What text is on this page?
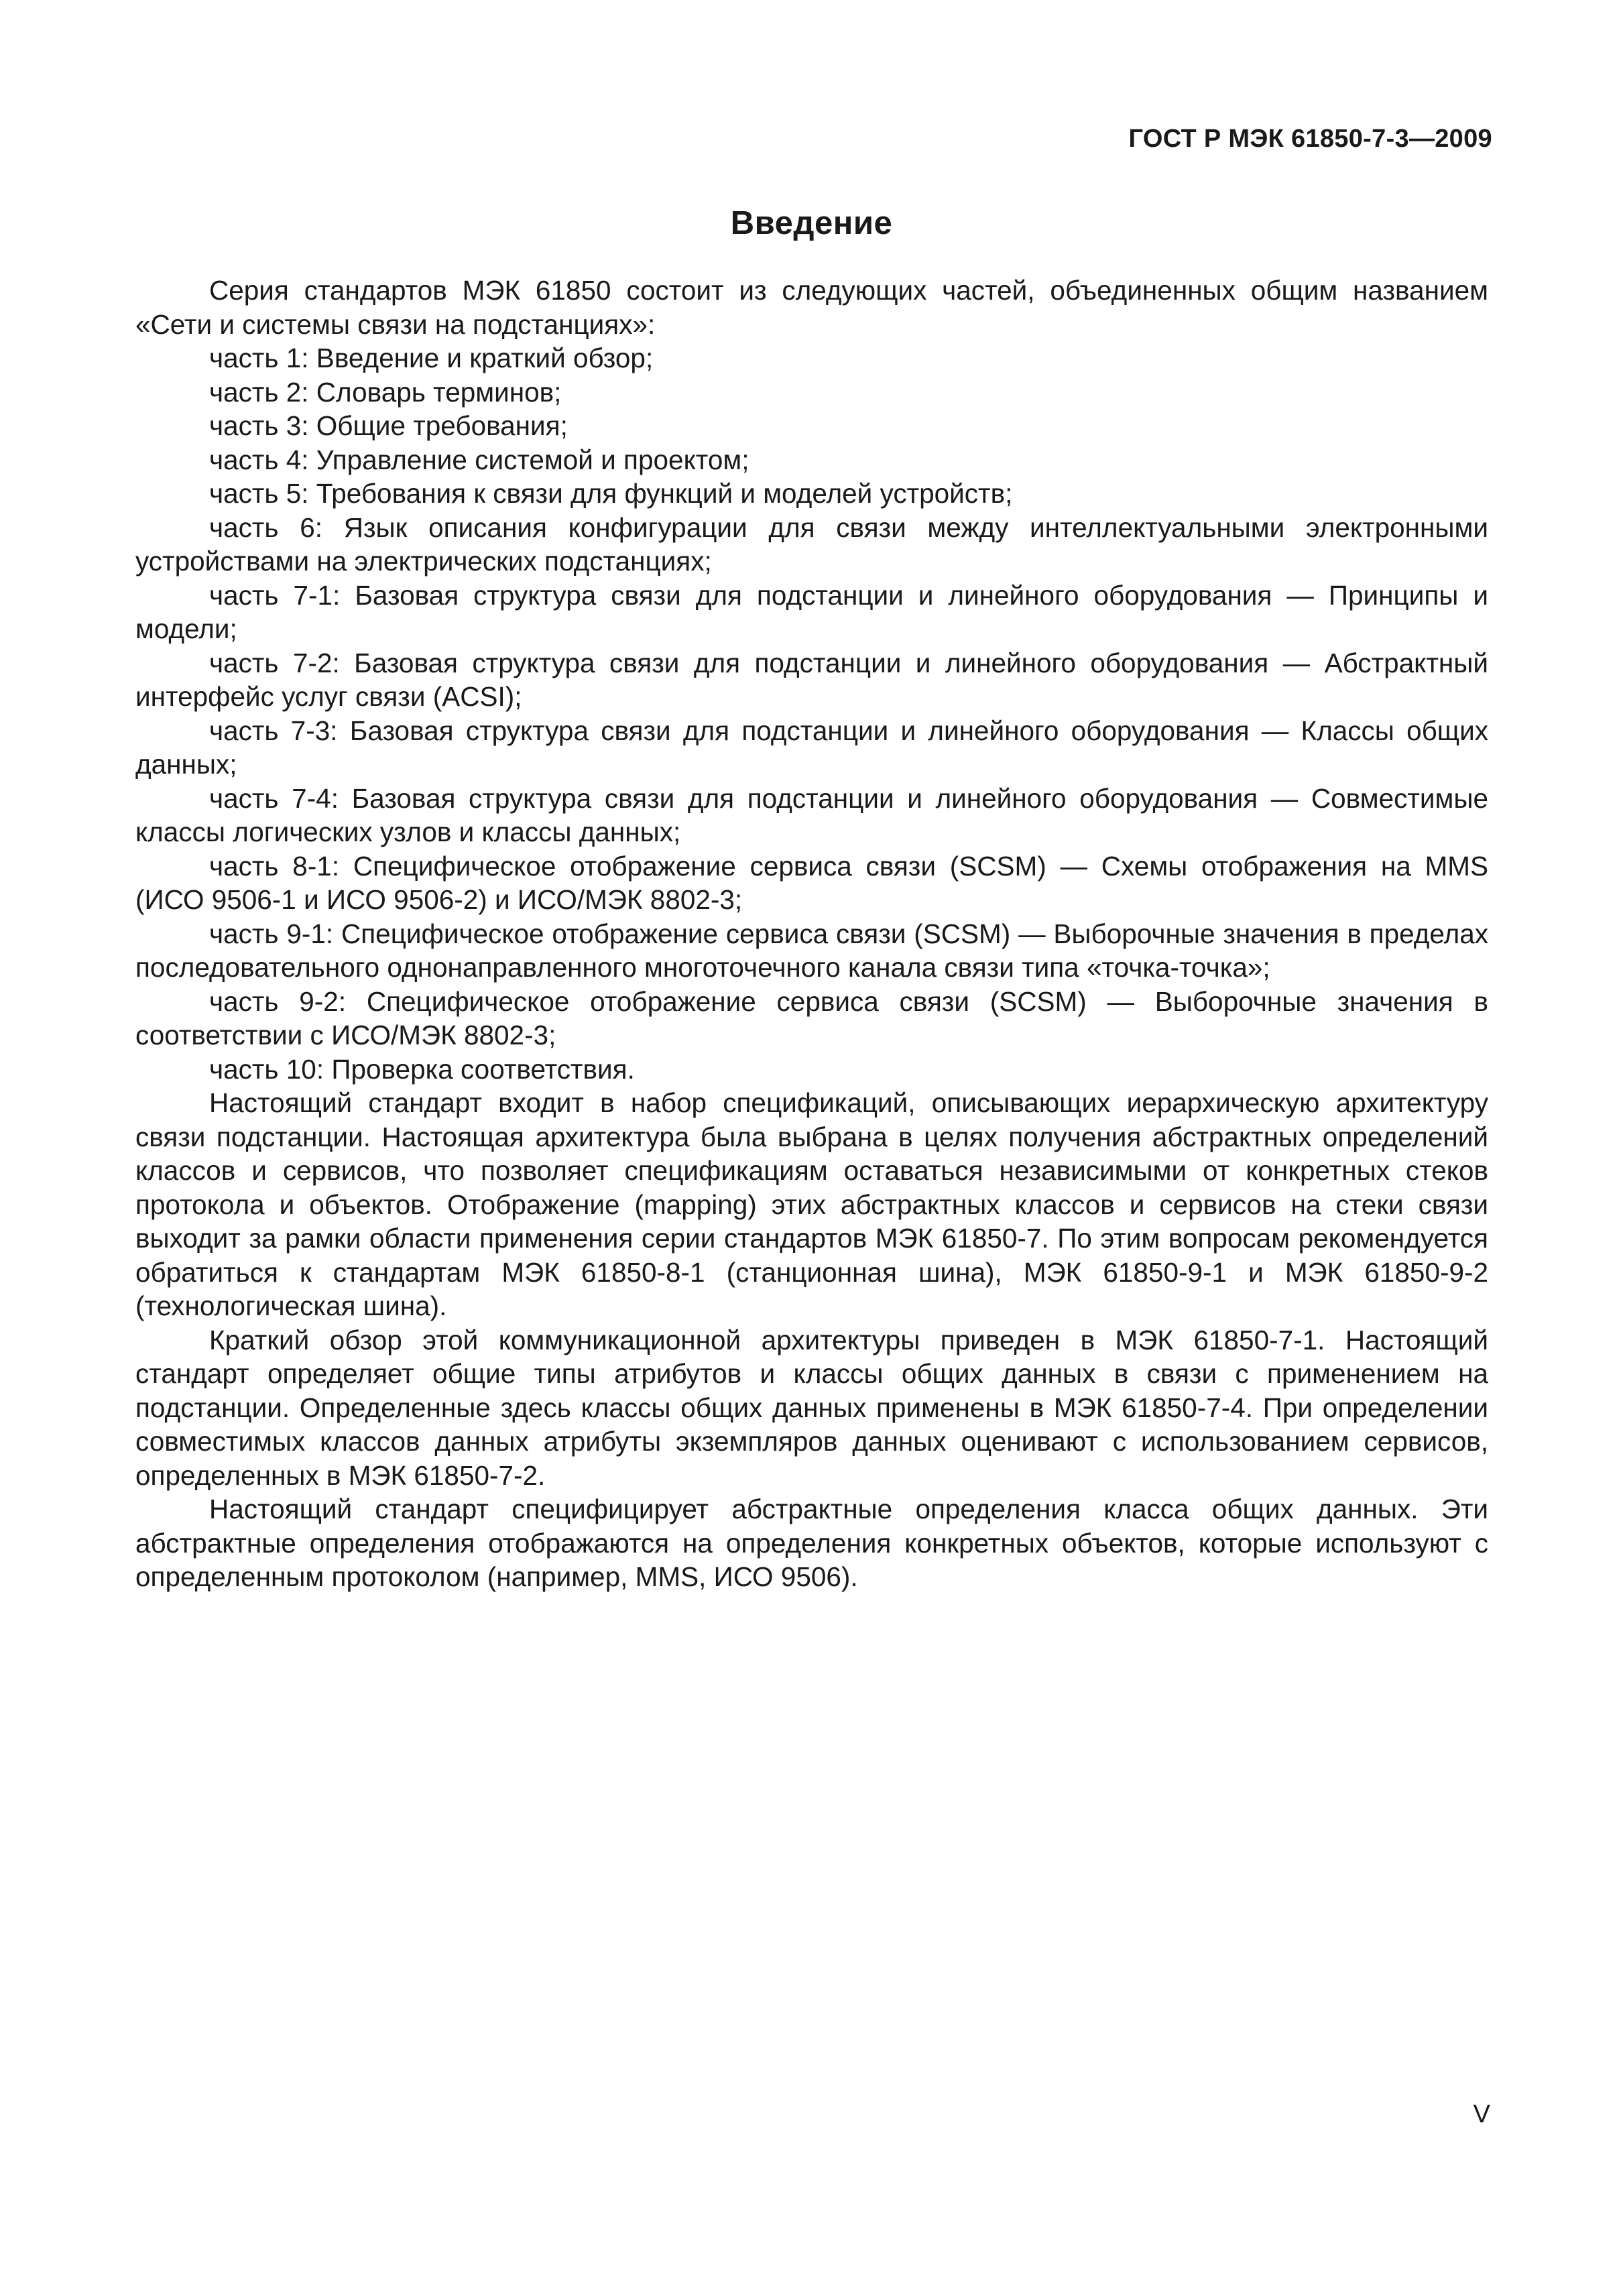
ГОСТ Р МЭК 61850-7-3—2009
Введение

Серия стандартов МЭК 61850 состоит из следующих частей, объединенных общим названием «Сети и системы связи на подстанциях»:

часть 1: Введение и краткий обзор;

часть 2: Словарь терминов;

часть 3: Общие требования;

часть 4: Управление системой и проектом;

часть 5: Требования к связи для функций и моделей устройств;

часть 6: Язык описания конфигурации для связи между интеллектуальными электронными устройствами на электрических подстанциях;

часть 7-1: Базовая структура связи для подстанции и линейного оборудования — Принципы и модели;

часть 7-2: Базовая структура связи для подстанции и линейного оборудования — Абстрактный интерфейс услуг связи (ACSI);

часть 7-3: Базовая структура связи для подстанции и линейного оборудования — Классы общих данных;

часть 7-4: Базовая структура связи для подстанции и линейного оборудования — Совместимые классы логических узлов и классы данных;

часть 8-1: Специфическое отображение сервиса связи (SCSM) — Схемы отображения на MMS (ИСО 9506-1 и ИСО 9506-2) и ИСО/МЭК 8802-3;

часть 9-1: Специфическое отображение сервиса связи (SCSM) — Выборочные значения в пределах последовательного однонаправленного многоточечного канала связи типа «точка-точка»;

часть 9-2: Специфическое отображение сервиса связи (SCSM) — Выборочные значения в соответствии с ИСО/МЭК 8802-3;

часть 10: Проверка соответствия.

Настоящий стандарт входит в набор спецификаций, описывающих иерархическую архитектуру связи подстанции. Настоящая архитектура была выбрана в целях получения абстрактных определений классов и сервисов, что позволяет спецификациям оставаться независимыми от конкретных стеков протокола и объектов. Отображение (mapping) этих абстрактных классов и сервисов на стеки связи выходит за рамки области применения серии стандартов МЭК 61850-7. По этим вопросам рекомендуется обратиться к стандартам МЭК 61850-8-1 (станционная шина), МЭК 61850-9-1 и МЭК 61850-9-2 (технологическая шина).

Краткий обзор этой коммуникационной архитектуры приведен в МЭК 61850-7-1. Настоящий стандарт определяет общие типы атрибутов и классы общих данных в связи с применением на подстанции. Определенные здесь классы общих данных применены в МЭК 61850-7-4. При определении совместимых классов данных атрибуты экземпляров данных оценивают с использованием сервисов, определенных в МЭК 61850-7-2.

Настоящий стандарт специфицирует абстрактные определения класса общих данных. Эти абстрактные определения отображаются на определения конкретных объектов, которые используют с определенным протоколом (например, MMS, ИСО 9506).

V
